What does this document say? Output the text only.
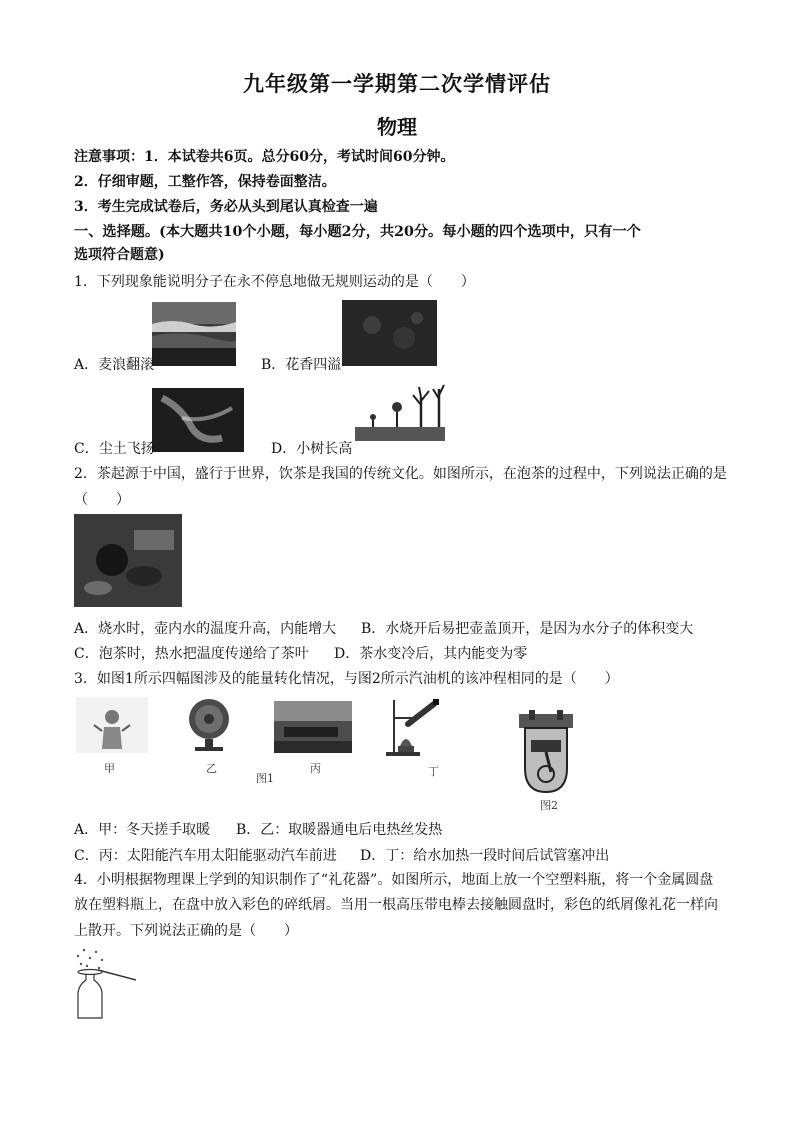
九年级第一学期第二次学情评估
物理
注意事项：1．本试卷共6页。总分60分，考试时间60分钟。
2．仔细审题，工整作答，保持卷面整洁。
3．考生完成试卷后，务必从头到尾认真检查一遍
一、选择题。(本大题共10个小题，每小题2分，共20分。每小题的四个选项中，只有一个
选项符合题意)
1．下列现象能说明分子在永不停息地做无规则运动的是（　　）
A．麦浪翻滚	B．花香四溢
C．尘土飞扬	D．小树长高
2．茶起源于中国，盛行于世界，饮茶是我国的传统文化。如图所示，在泡茶的过程中，下列说法正确的是
（　　）
A．烧水时，壶内水的温度升高，内能增大 B．水烧开后易把壶盖顶开，是因为水分子的体积变大
C．泡茶时，热水把温度传递给了茶叶 D．茶水变冷后，其内能变为零
3．如图1所示四幅图涉及的能量转化情况，与图2所示汽油机的该冲程相同的是（　　）
甲	乙	丙
图1
丁
图2
A．甲：冬天搓手取暖 B．乙：取暖器通电后电热丝发热
C．丙：太阳能汽车用太阳能驱动汽车前进 D．丁：给水加热一段时间后试管塞冲出
4．小明根据物理课上学到的知识制作了“礼花器”。如图所示，地面上放一个空塑料瓶，将一个金属圆盘
放在塑料瓶上，在盘中放入彩色的碎纸屑。当用一根高压带电棒去接触圆盘时，彩色的纸屑像礼花一样向
上散开。下列说法正确的是（　　）
